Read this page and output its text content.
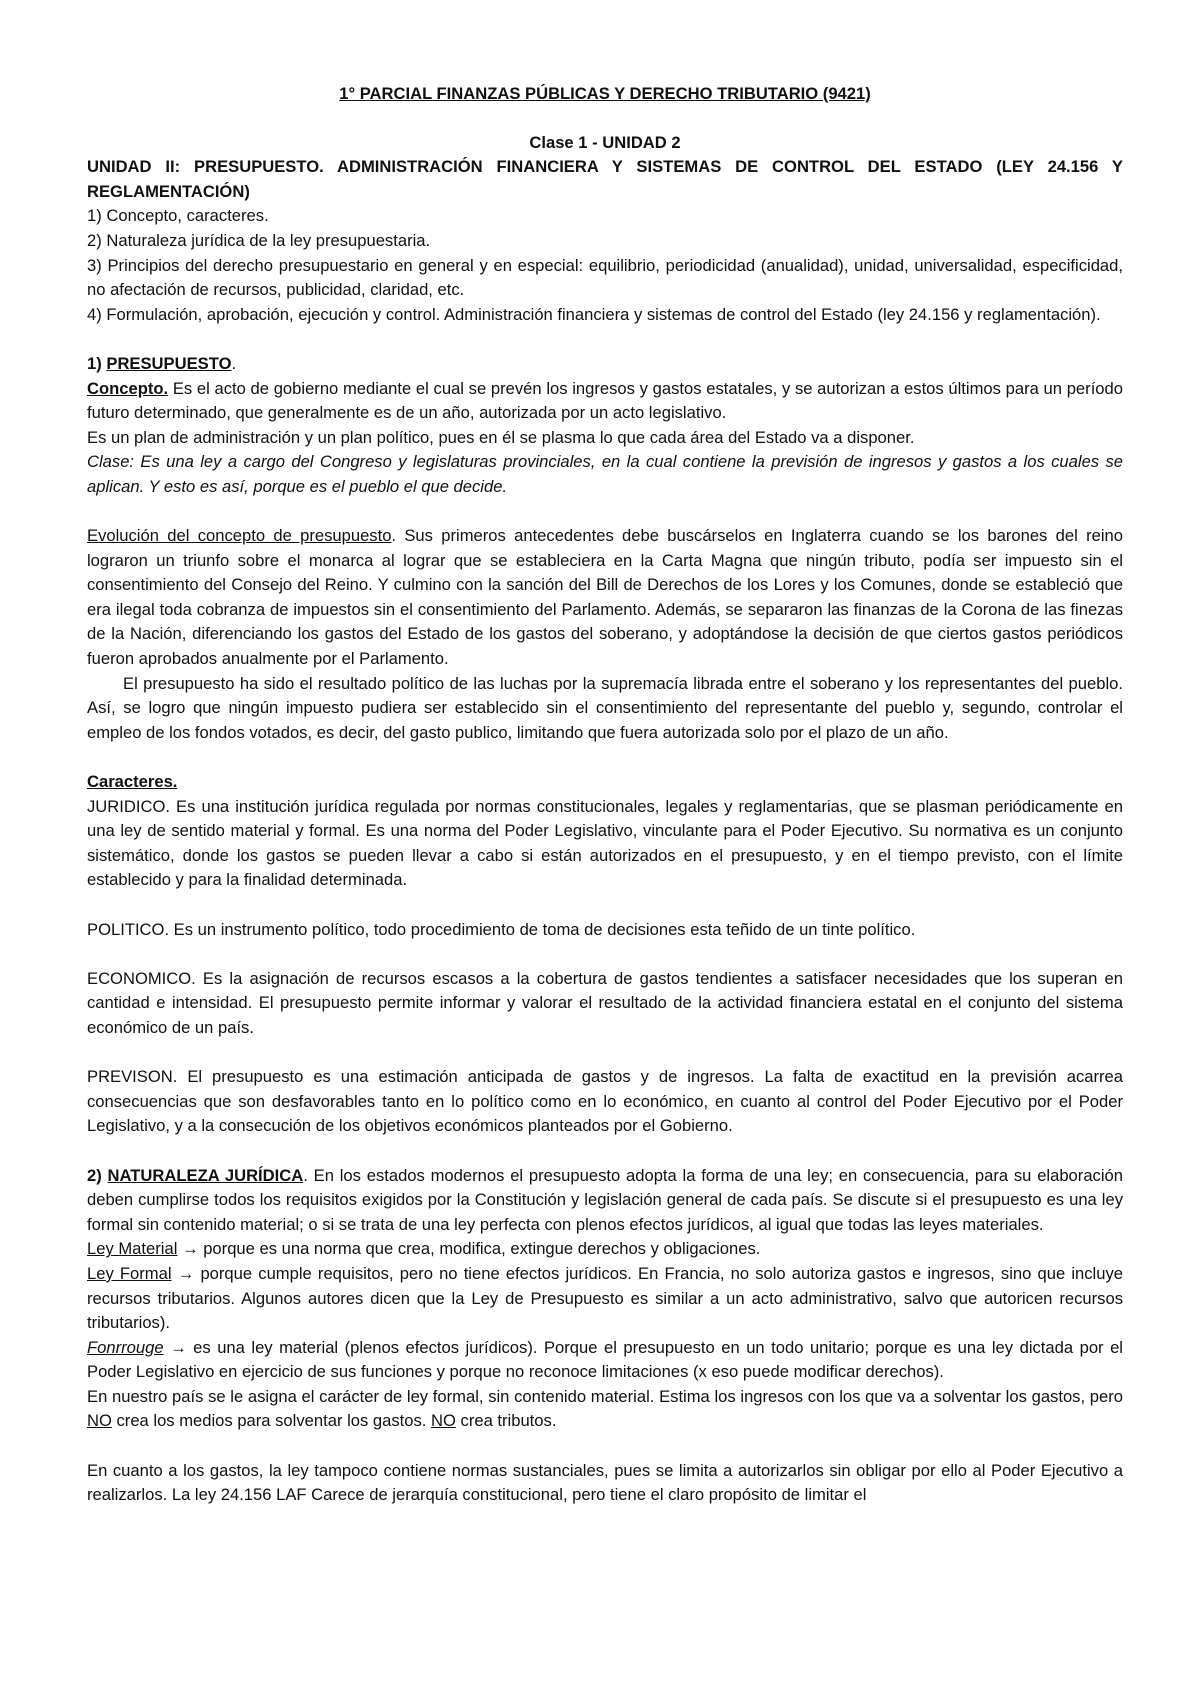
1° PARCIAL FINANZAS PÚBLICAS Y DERECHO TRIBUTARIO (9421)

Clase 1 - UNIDAD 2

UNIDAD II: PRESUPUESTO. ADMINISTRACIÓN FINANCIERA Y SISTEMAS DE CONTROL DEL ESTADO (LEY 24.156 Y REGLAMENTACIÓN)

1) Concepto, caracteres.

2) Naturaleza jurídica de la ley presupuestaria.

3) Principios del derecho presupuestario en general y en especial: equilibrio, periodicidad (anualidad), unidad, universalidad, especificidad, no afectación de recursos, publicidad, claridad, etc.

4) Formulación, aprobación, ejecución y control. Administración financiera y sistemas de control del Estado (ley 24.156 y reglamentación).

1) PRESUPUESTO.

Concepto. Es el acto de gobierno mediante el cual se prevén los ingresos y gastos estatales, y se autorizan a estos últimos para un período futuro determinado, que generalmente es de un año, autorizada por un acto legislativo.

Es un plan de administración y un plan político, pues en él se plasma lo que cada área del Estado va a disponer.

Clase: Es una ley a cargo del Congreso y legislaturas provinciales, en la cual contiene la previsión de ingresos y gastos a los cuales se aplican. Y esto es así, porque es el pueblo el que decide.

Evolución del concepto de presupuesto. Sus primeros antecedentes debe buscárselos en Inglaterra cuando se los barones del reino lograron un triunfo sobre el monarca al lograr que se estableciera en la Carta Magna que ningún tributo, podía ser impuesto sin el consentimiento del Consejo del Reino. Y culmino con la sanción del Bill de Derechos de los Lores y los Comunes, donde se estableció que era ilegal toda cobranza de impuestos sin el consentimiento del Parlamento. Además, se separaron las finanzas de la Corona de las finezas de la Nación, diferenciando los gastos del Estado de los gastos del soberano, y adoptándose la decisión de que ciertos gastos periódicos fueron aprobados anualmente por el Parlamento.

El presupuesto ha sido el resultado político de las luchas por la supremacía librada entre el soberano y los representantes del pueblo. Así, se logro que ningún impuesto pudiera ser establecido sin el consentimiento del representante del pueblo y, segundo, controlar el empleo de los fondos votados, es decir, del gasto publico, limitando que fuera autorizada solo por el plazo de un año.

Caracteres.

JURIDICO. Es una institución jurídica regulada por normas constitucionales, legales y reglamentarias, que se plasman periódicamente en una ley de sentido material y formal. Es una norma del Poder Legislativo, vinculante para el Poder Ejecutivo. Su normativa es un conjunto sistemático, donde los gastos se pueden llevar a cabo si están autorizados en el presupuesto, y en el tiempo previsto, con el límite establecido y para la finalidad determinada.

POLITICO. Es un instrumento político, todo procedimiento de toma de decisiones esta teñido de un tinte político.

ECONOMICO. Es la asignación de recursos escasos a la cobertura de gastos tendientes a satisfacer necesidades que los superan en cantidad e intensidad. El presupuesto permite informar y valorar el resultado de la actividad financiera estatal en el conjunto del sistema económico de un país.

PREVISON. El presupuesto es una estimación anticipada de gastos y de ingresos. La falta de exactitud en la previsión acarrea consecuencias que son desfavorables tanto en lo político como en lo económico, en cuanto al control del Poder Ejecutivo por el Poder Legislativo, y a la consecución de los objetivos económicos planteados por el Gobierno.

2) NATURALEZA JURÍDICA. En los estados modernos el presupuesto adopta la forma de una ley; en consecuencia, para su elaboración deben cumplirse todos los requisitos exigidos por la Constitución y legislación general de cada país. Se discute si el presupuesto es una ley formal sin contenido material; o si se trata de una ley perfecta con plenos efectos jurídicos, al igual que todas las leyes materiales.

Ley Material → porque es una norma que crea, modifica, extingue derechos y obligaciones.

Ley Formal → porque cumple requisitos, pero no tiene efectos jurídicos. En Francia, no solo autoriza gastos e ingresos, sino que incluye recursos tributarios. Algunos autores dicen que la Ley de Presupuesto es similar a un acto administrativo, salvo que autoricen recursos tributarios).

Fonrrouge → es una ley material (plenos efectos jurídicos). Porque el presupuesto en un todo unitario; porque es una ley dictada por el Poder Legislativo en ejercicio de sus funciones y porque no reconoce limitaciones (x eso puede modificar derechos).

En nuestro país se le asigna el carácter de ley formal, sin contenido material. Estima los ingresos con los que va a solventar los gastos, pero NO crea los medios para solventar los gastos. NO crea tributos.

En cuanto a los gastos, la ley tampoco contiene normas sustanciales, pues se limita a autorizarlos sin obligar por ello al Poder Ejecutivo a realizarlos. La ley 24.156 LAF Carece de jerarquía constitucional, pero tiene el claro propósito de limitar el
